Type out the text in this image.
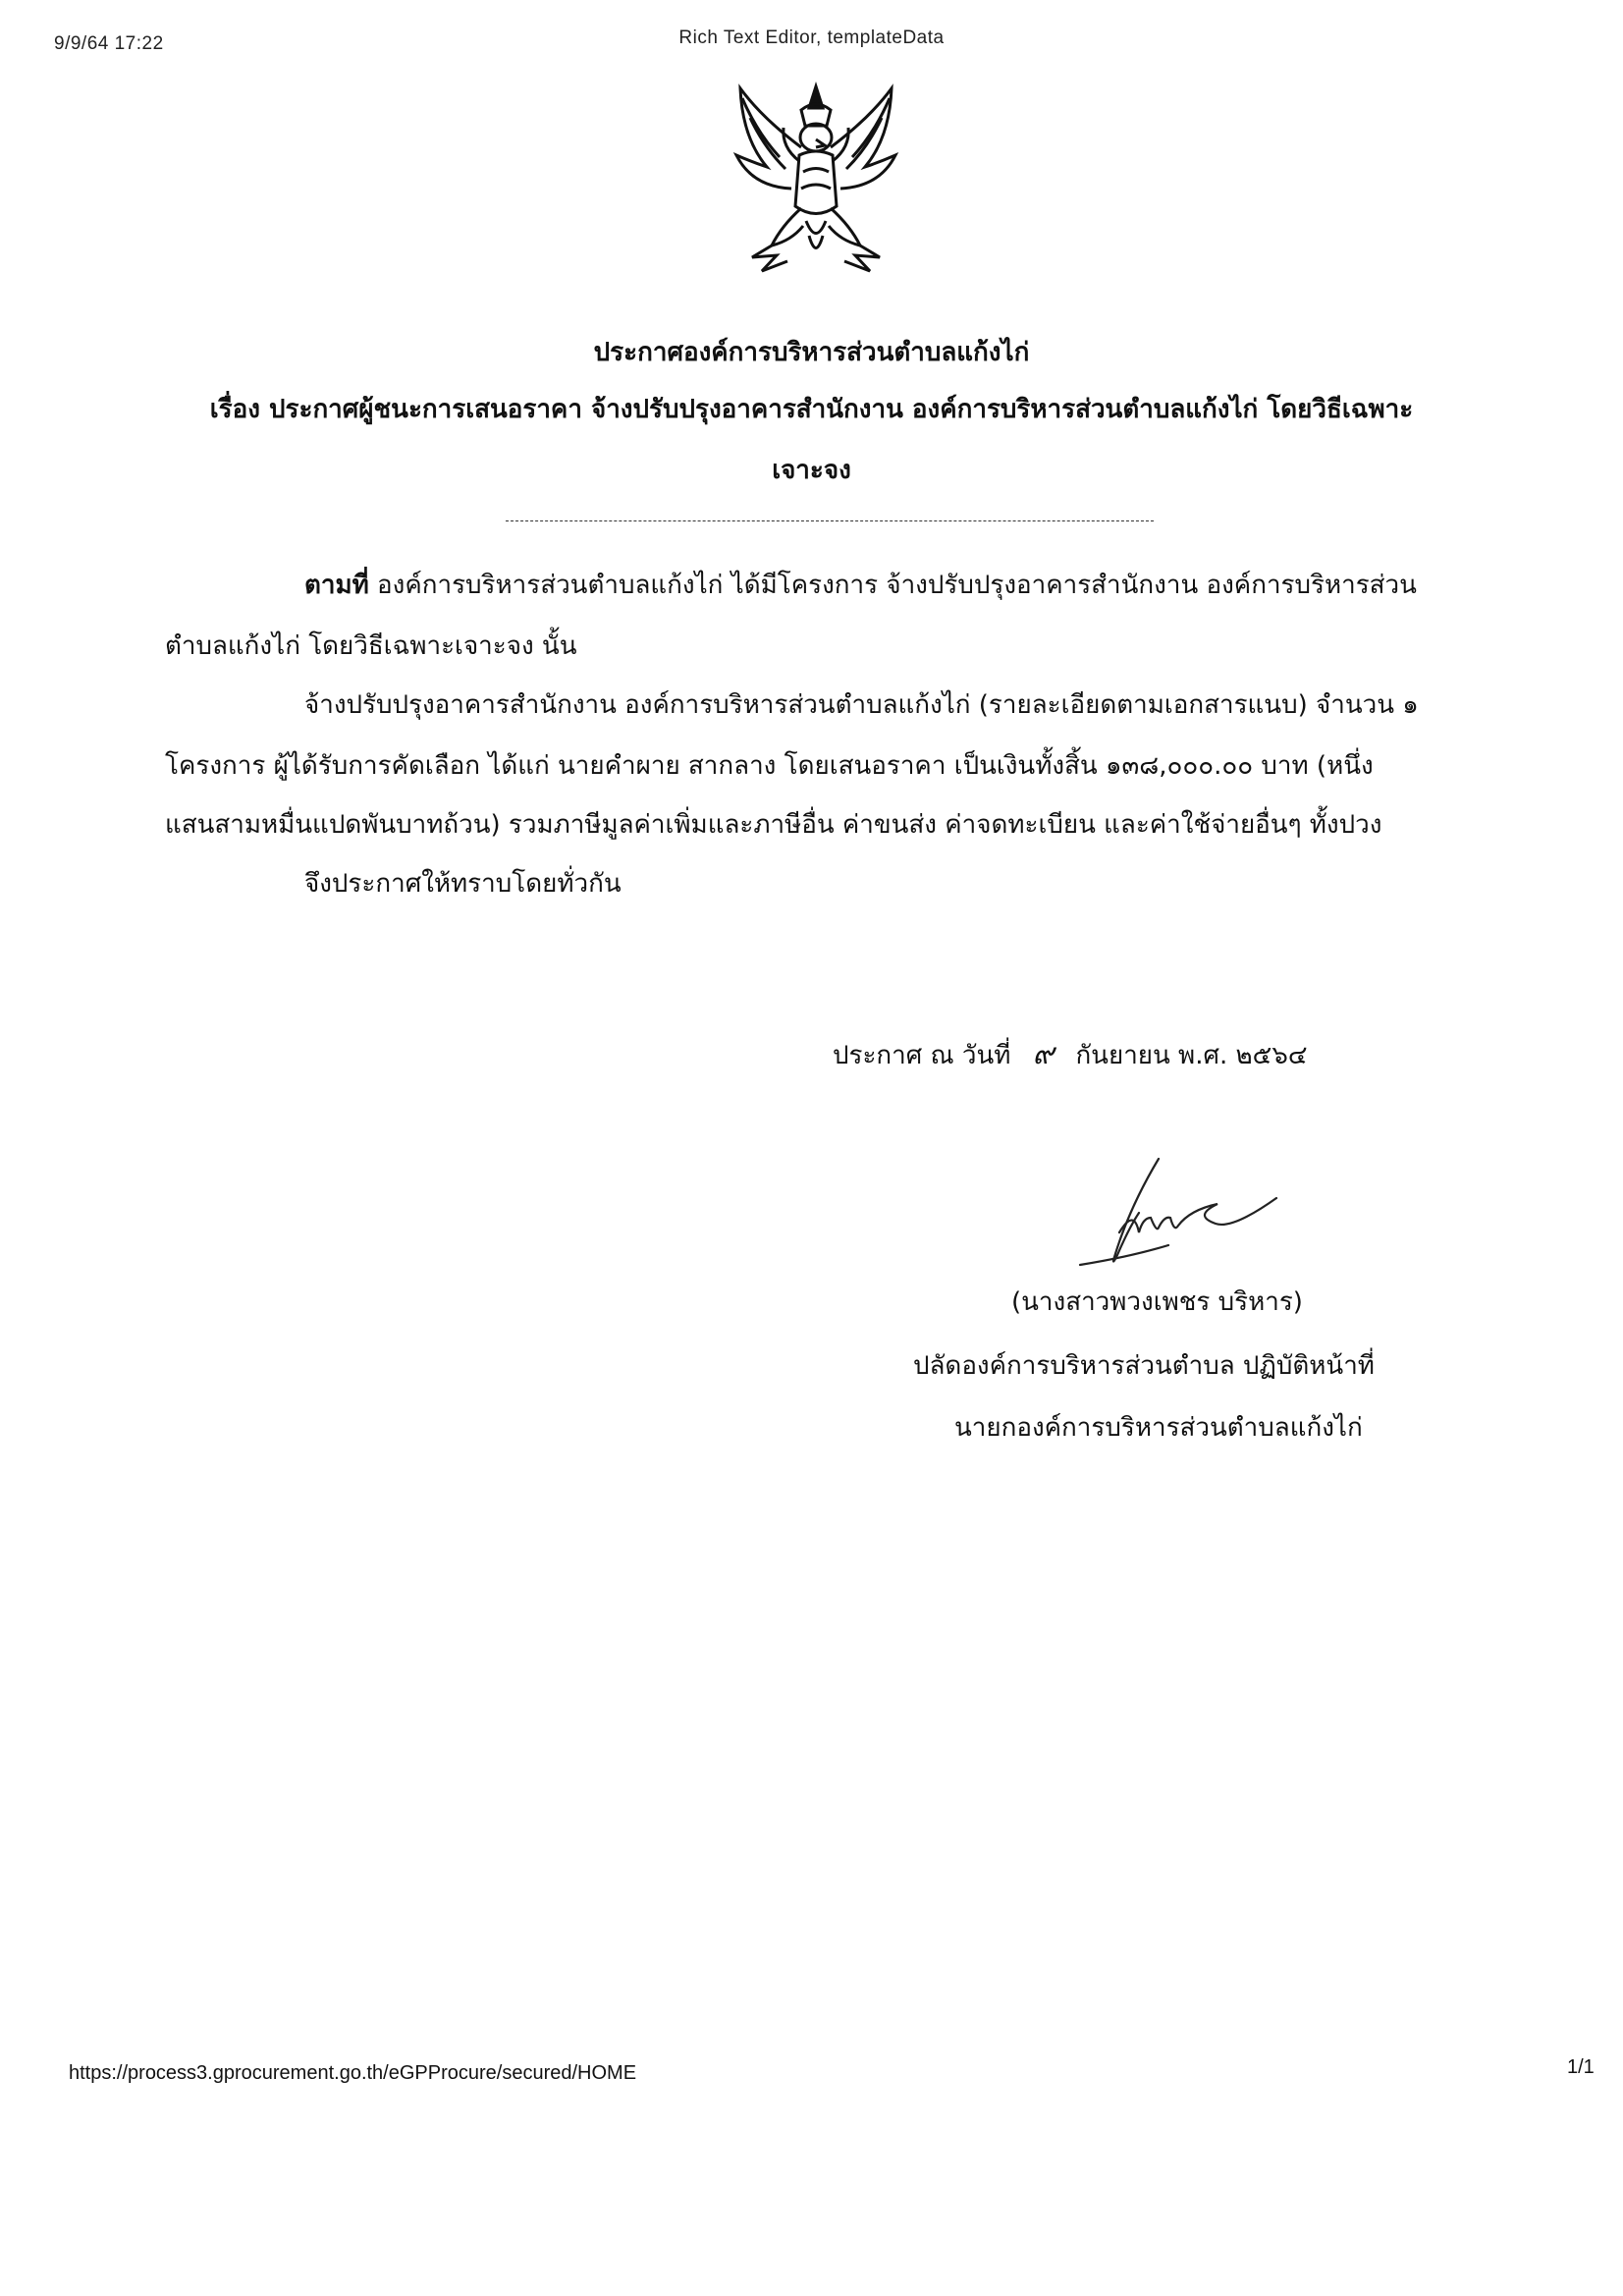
9/9/64 17:22	Rich Text Editor, templateData
ประกาศองค์การบริหารส่วนตำบลแก้งไก่
เรื่อง ประกาศผู้ชนะการเสนอราคา จ้างปรับปรุงอาคารสำนักงาน องค์การบริหารส่วนตำบลแก้งไก่ โดยวิธีเฉพาะ
เจาะจง
ตามที่ องค์การบริหารส่วนตำบลแก้งไก่ ได้มีโครงการ จ้างปรับปรุงอาคารสำนักงาน องค์การบริหารส่วน
ตำบลแก้งไก่ โดยวิธีเฉพาะเจาะจง นั้น
จ้างปรับปรุงอาคารสำนักงาน องค์การบริหารส่วนตำบลแก้งไก่ (รายละเอียดตามเอกสารแนบ) จำนวน ๑
โครงการ ผู้ได้รับการคัดเลือก ได้แก่ นายคำผาย สากลาง โดยเสนอราคา เป็นเงินทั้งสิ้น ๑๓๘,๐๐๐.๐๐ บาท (หนึ่ง
แสนสามหมื่นแปดพันบาทถ้วน) รวมภาษีมูลค่าเพิ่มและภาษีอื่น ค่าขนส่ง ค่าจดทะเบียน และค่าใช้จ่ายอื่นๆ ทั้งปวง
จึงประกาศให้ทราบโดยทั่วกัน
ประกาศ ณ วันที่ ๙ กันยายน พ.ศ. ๒๕๖๔
(นางสาวพวงเพชร บริหาร)
ปลัดองค์การบริหารส่วนตำบล ปฏิบัติหน้าที่
นายกองค์การบริหารส่วนตำบลแก้งไก่
https://process3.gprocurement.go.th/eGPProcure/secured/HOME	1/1
